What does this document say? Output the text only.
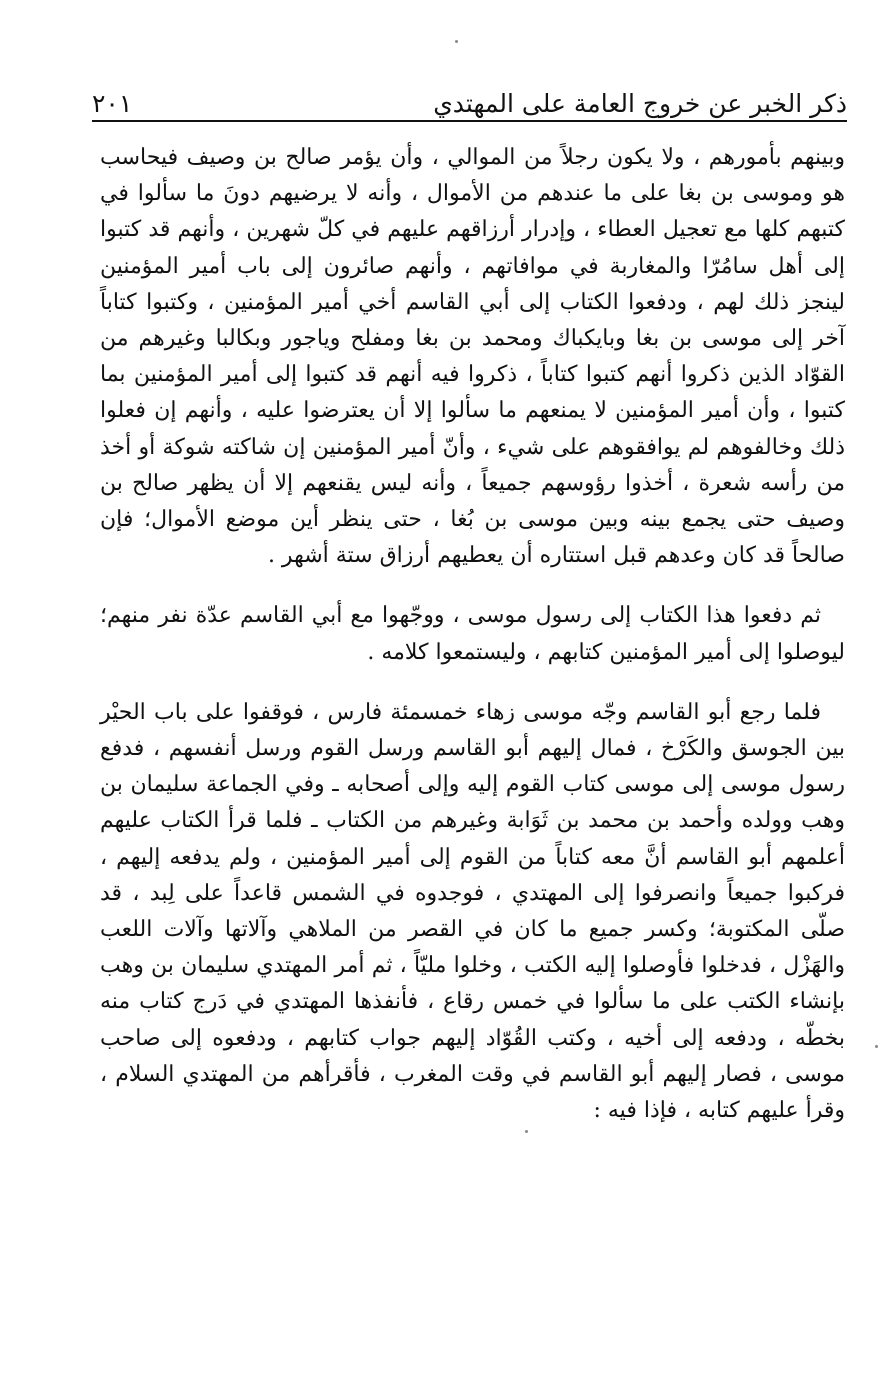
ذكر الخبر عن خروج العامة على المهتدي
٢٠١

وبينهم بأمورهم ، ولا يكون رجلاً من الموالي ، وأن يؤمر صالح بن وصيف فيحاسب هو وموسى بن بغا على ما عندهم من الأموال ، وأنه لا يرضيهم دونَ ما سألوا في كتبهم كلها مع تعجيل العطاء ، وإدرار أرزاقهم عليهم في كلّ شهرين ، وأنهم قد كتبوا إلى أهل سامُرّا والمغاربة في موافاتهم ، وأنهم صائرون إلى باب أمير المؤمنين لينجز ذلك لهم ، ودفعوا الكتاب إلى أبي القاسم أخي أمير المؤمنين ، وكتبوا كتاباً آخر إلى موسى بن بغا وبايكباك ومحمد بن بغا ومفلح وياجور وبكالبا وغيرهم من القوّاد الذين ذكروا أنهم كتبوا كتاباً ، ذكروا فيه أنهم قد كتبوا إلى أمير المؤمنين بما كتبوا ، وأن أمير المؤمنين لا يمنعهم ما سألوا إلا أن يعترضوا عليه ، وأنهم إن فعلوا ذلك وخالفوهم لم يوافقوهم على شيء ، وأنّ أمير المؤمنين إن شاكته شوكة أو أخذ من رأسه شعرة ، أخذوا رؤوسهم جميعاً ، وأنه ليس يقنعهم إلا أن يظهر صالح بن وصيف حتى يجمع بينه وبين موسى بن بُغا ، حتى ينظر أين موضع الأموال؛ فإن صالحاً قد كان وعدهم قبل استتاره أن يعطيهم أرزاق ستة أشهر .

ثم دفعوا هذا الكتاب إلى رسول موسى ، ووجّهوا مع أبي القاسم عدّة نفر منهم؛ ليوصلوا إلى أمير المؤمنين كتابهم ، وليستمعوا كلامه .

فلما رجع أبو القاسم وجّه موسى زهاء خمسمئة فارس ، فوقفوا على باب الحيْر بين الجوسق والكَرْخ ، فمال إليهم أبو القاسم ورسل القوم ورسل أنفسهم ، فدفع رسول موسى إلى موسى كتاب القوم إليه وإلى أصحابه ـ وفي الجماعة سليمان بن وهب وولده وأحمد بن محمد بن ثَوَابة وغيرهم من الكتاب ـ فلما قرأ الكتاب عليهم أعلمهم أبو القاسم أنَّ معه كتاباً من القوم إلى أمير المؤمنين ، ولم يدفعه إليهم ، فركبوا جميعاً وانصرفوا إلى المهتدي ، فوجدوه في الشمس قاعداً على لِبد ، قد صلّى المكتوبة؛ وكسر جميع ما كان في القصر من الملاهي وآلاتها وآلات اللعب والهَزْل ، فدخلوا فأوصلوا إليه الكتب ، وخلوا مليّاً ، ثم أمر المهتدي سليمان بن وهب بإنشاء الكتب على ما سألوا في خمس رقاع ، فأنفذها المهتدي في دَرج كتاب منه بخطّه ، ودفعه إلى أخيه ، وكتب القُوّاد إليهم جواب كتابهم ، ودفعوه إلى صاحب موسى ، فصار إليهم أبو القاسم في وقت المغرب ، فأقرأهم من المهتدي السلام ، وقرأ عليهم كتابه ، فإذا فيه :
